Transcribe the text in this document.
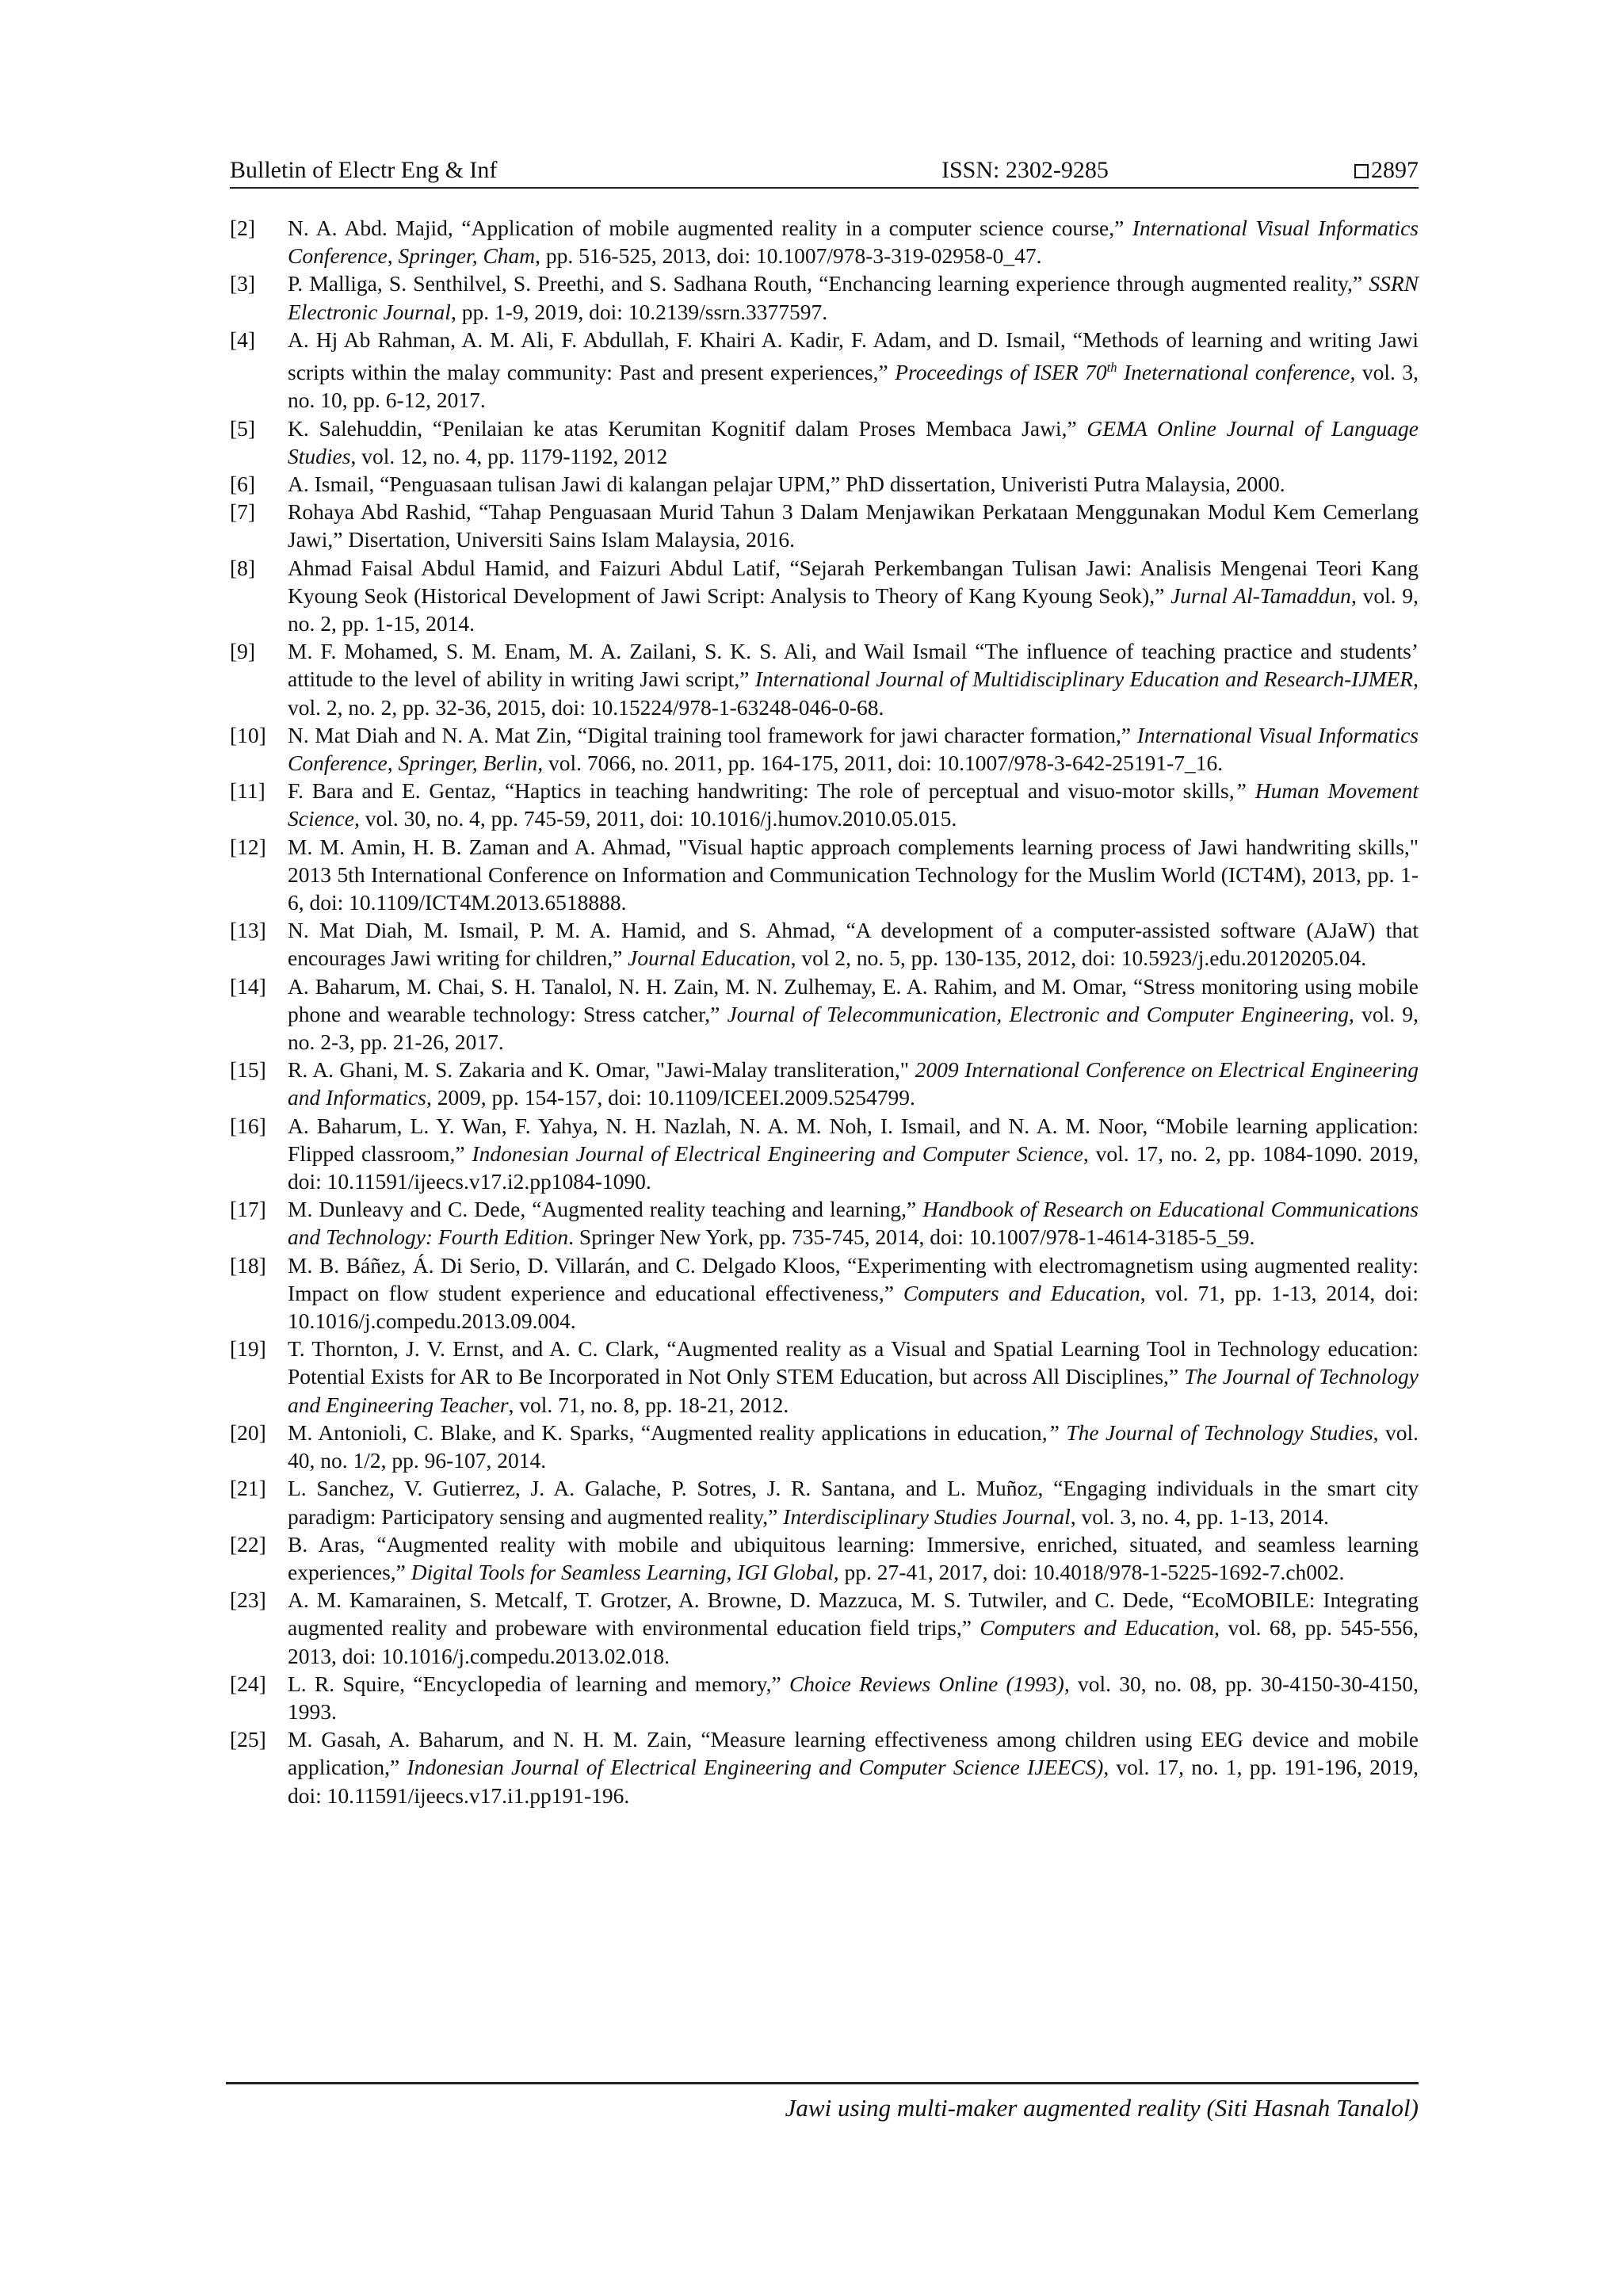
Bulletin of Electr Eng & Inf	ISSN: 2302-9285	2897
[2]	N. A. Abd. Majid, “Application of mobile augmented reality in a computer science course,” International Visual Informatics Conference, Springer, Cham, pp. 516-525, 2013, doi: 10.1007/978-3-319-02958-0_47.
[3]	P. Malliga, S. Senthilvel, S. Preethi, and S. Sadhana Routh, “Enchancing learning experience through augmented reality,” SSRN Electronic Journal, pp. 1-9, 2019, doi: 10.2139/ssrn.3377597.
[4]	A. Hj Ab Rahman, A. M. Ali, F. Abdullah, F. Khairi A. Kadir, F. Adam, and D. Ismail, “Methods of learning and writing Jawi scripts within the malay community: Past and present experiences,” Proceedings of ISER 70th Ineternational conference, vol. 3, no. 10, pp. 6-12, 2017.
[5]	K. Salehuddin, “Penilaian ke atas Kerumitan Kognitif dalam Proses Membaca Jawi,” GEMA Online Journal of Language Studies, vol. 12, no. 4, pp. 1179-1192, 2012
[6]	A. Ismail, “Penguasaan tulisan Jawi di kalangan pelajar UPM,” PhD dissertation, Univeristi Putra Malaysia, 2000.
[7]	Rohaya Abd Rashid, “Tahap Penguasaan Murid Tahun 3 Dalam Menjawikan Perkataan Menggunakan Modul Kem Cemerlang Jawi,” Disertation, Universiti Sains Islam Malaysia, 2016.
[8]	Ahmad Faisal Abdul Hamid, and Faizuri Abdul Latif, “Sejarah Perkembangan Tulisan Jawi: Analisis Mengenai Teori Kang Kyoung Seok (Historical Development of Jawi Script: Analysis to Theory of Kang Kyoung Seok),” Jurnal Al-Tamaddun, vol. 9, no. 2, pp. 1-15, 2014.
[9]	M. F. Mohamed, S. M. Enam, M. A. Zailani, S. K. S. Ali, and Wail Ismail “The influence of teaching practice and students’ attitude to the level of ability in writing Jawi script,” International Journal of Multidisciplinary Education and Research-IJMER, vol. 2, no. 2, pp. 32-36, 2015, doi: 10.15224/978-1-63248-046-0-68.
[10] N. Mat Diah and N. A. Mat Zin, “Digital training tool framework for jawi character formation,” International Visual Informatics Conference, Springer, Berlin, vol. 7066, no. 2011, pp. 164-175, 2011, doi: 10.1007/978-3-642-25191-7_16.
[11]	F. Bara and E. Gentaz, “Haptics in teaching handwriting: The role of perceptual and visuo-motor skills,” Human Movement Science, vol. 30, no. 4, pp. 745-59, 2011, doi: 10.1016/j.humov.2010.05.015.
[12] M. M. Amin, H. B. Zaman and A. Ahmad, "Visual haptic approach complements learning process of Jawi handwriting skills," 2013 5th International Conference on Information and Communication Technology for the Muslim World (ICT4M), 2013, pp. 1-6, doi: 10.1109/ICT4M.2013.6518888.
[13] N. Mat Diah, M. Ismail, P. M. A. Hamid, and S. Ahmad, “A development of a computer-assisted software (AJaW) that encourages Jawi writing for children,” Journal Education, vol 2, no. 5, pp. 130-135, 2012, doi: 10.5923/j.edu.20120205.04.
[14] A. Baharum, M. Chai, S. H. Tanalol, N. H. Zain, M. N. Zulhemay, E. A. Rahim, and M. Omar, “Stress monitoring using mobile phone and wearable technology: Stress catcher,” Journal of Telecommunication, Electronic and Computer Engineering, vol. 9, no. 2-3, pp. 21-26, 2017.
[15] R. A. Ghani, M. S. Zakaria and K. Omar, "Jawi-Malay transliteration," 2009 International Conference on Electrical Engineering and Informatics, 2009, pp. 154-157, doi: 10.1109/ICEEI.2009.5254799.
[16] A. Baharum, L. Y. Wan, F. Yahya, N. H. Nazlah, N. A. M. Noh, I. Ismail, and N. A. M. Noor, “Mobile learning application: Flipped classroom,” Indonesian Journal of Electrical Engineering and Computer Science, vol. 17, no. 2, pp. 1084-1090. 2019, doi: 10.11591/ijeecs.v17.i2.pp1084-1090.
[17] M. Dunleavy and C. Dede, “Augmented reality teaching and learning,” Handbook of Research on Educational Communications and Technology: Fourth Edition. Springer New York, pp. 735-745, 2014, doi: 10.1007/978-1-4614-3185-5_59.
[18] M. B. Báñez, Á. Di Serio, D. Villarán, and C. Delgado Kloos, “Experimenting with electromagnetism using augmented reality: Impact on flow student experience and educational effectiveness,” Computers and Education, vol. 71, pp. 1-13, 2014, doi: 10.1016/j.compedu.2013.09.004.
[19] T. Thornton, J. V. Ernst, and A. C. Clark, “Augmented reality as a Visual and Spatial Learning Tool in Technology education: Potential Exists for AR to Be Incorporated in Not Only STEM Education, but across All Disciplines,” The Journal of Technology and Engineering Teacher, vol. 71, no. 8, pp. 18-21, 2012.
[20] M. Antonioli, C. Blake, and K. Sparks, “Augmented reality applications in education,” The Journal of Technology Studies, vol. 40, no. 1/2, pp. 96-107, 2014.
[21] L. Sanchez, V. Gutierrez, J. A. Galache, P. Sotres, J. R. Santana, and L. Muñoz, “Engaging individuals in the smart city paradigm: Participatory sensing and augmented reality,” Interdisciplinary Studies Journal, vol. 3, no. 4, pp. 1-13, 2014.
[22] B. Aras, “Augmented reality with mobile and ubiquitous learning: Immersive, enriched, situated, and seamless learning experiences,” Digital Tools for Seamless Learning, IGI Global, pp. 27-41, 2017, doi: 10.4018/978-1-5225-1692-7.ch002.
[23] A. M. Kamarainen, S. Metcalf, T. Grotzer, A. Browne, D. Mazzuca, M. S. Tutwiler, and C. Dede, “EcoMOBILE: Integrating augmented reality and probeware with environmental education field trips,” Computers and Education, vol. 68, pp. 545-556, 2013, doi: 10.1016/j.compedu.2013.02.018.
[24] L. R. Squire, “Encyclopedia of learning and memory,” Choice Reviews Online (1993), vol. 30, no. 08, pp. 30-4150-30-4150, 1993.
[25] M. Gasah, A. Baharum, and N. H. M. Zain, “Measure learning effectiveness among children using EEG device and mobile application,” Indonesian Journal of Electrical Engineering and Computer Science IJEECS), vol. 17, no. 1, pp. 191-196, 2019, doi: 10.11591/ijeecs.v17.i1.pp191-196.
Jawi using multi-maker augmented reality (Siti Hasnah Tanalol)
